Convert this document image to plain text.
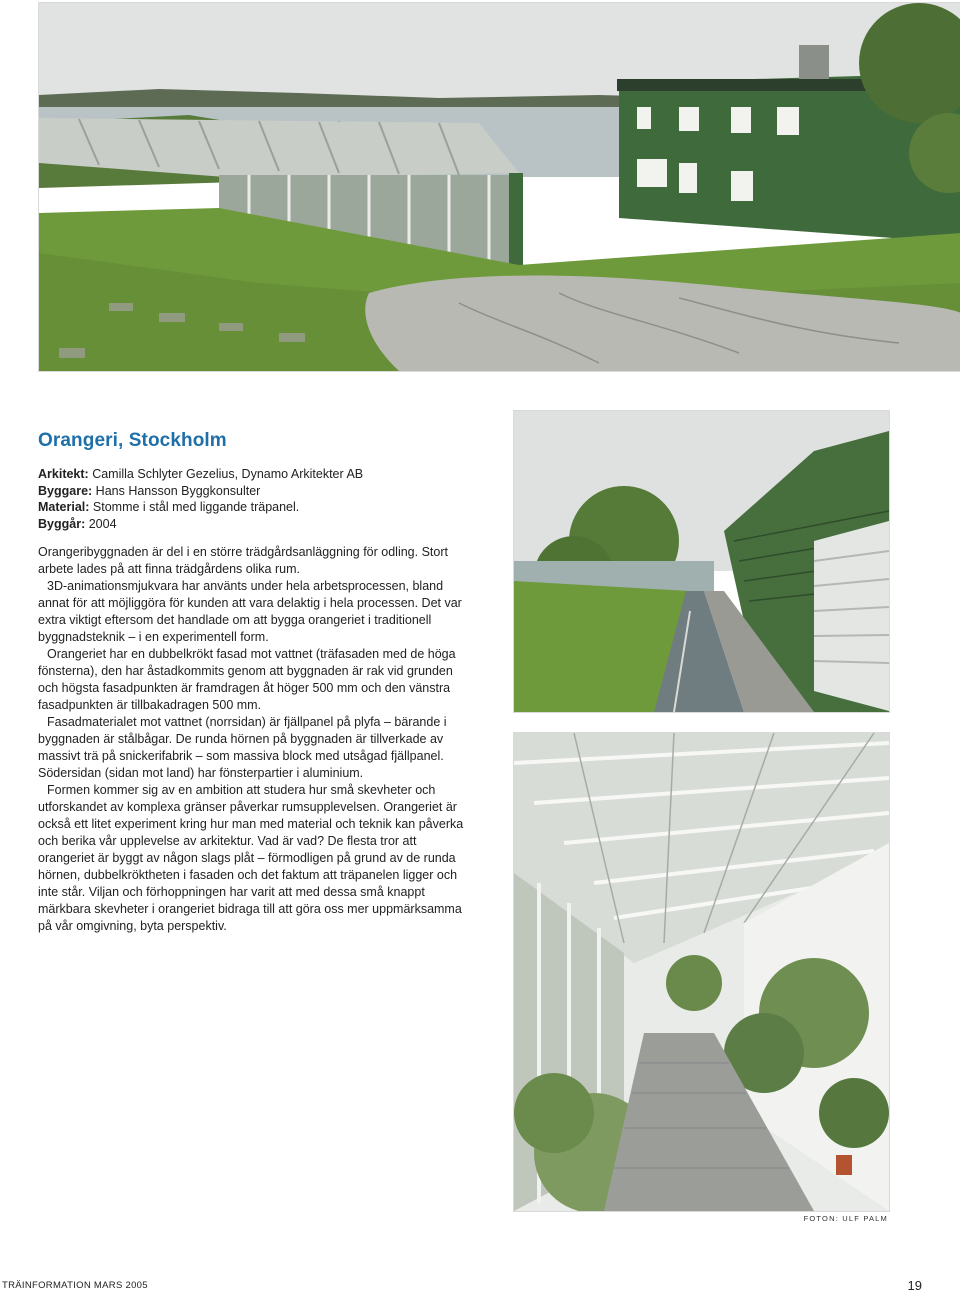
Orangeri, Stockholm

Arkitekt: Camilla Schlyter Gezelius, Dynamo Arkitekter AB

Byggare: Hans Hansson Byggkonsulter

Material: Stomme i stål med liggande träpanel.

Byggår: 2004

Orangeribyggnaden är del i en större trädgårdsanläggning för odling. Stort arbete lades på att finna trädgårdens olika rum.

3D-animationsmjukvara har använts under hela arbetsprocessen, bland annat för att möjliggöra för kunden att vara delaktig i hela processen. Det var extra viktigt eftersom det handlade om att bygga orangeriet i traditionell byggnadsteknik – i en experimentell form.

Orangeriet har en dubbelkrökt fasad mot vattnet (träfasaden med de höga fönsterna), den har åstadkommits genom att byggnaden är rak vid grunden och högsta fasadpunkten är framdragen åt höger 500 mm och den vänstra fasadpunkten är tillbakadragen 500 mm.

Fasadmaterialet mot vattnet (norrsidan) är fjällpanel på plyfa – bärande i byggnaden är stålbågar. De runda hörnen på byggnaden är tillverkade av massivt trä på snickerifabrik – som massiva block med utsågad fjällpanel. Södersidan (sidan mot land) har fönsterpartier i aluminium.

Formen kommer sig av en ambition att studera hur små skevheter och utforskandet av komplexa gränser påverkar rumsupplevelsen. Orangeriet är också ett litet experiment kring hur man med material och teknik kan påverka och berika vår upplevelse av arkitektur. Vad är vad? De flesta tror att orangeriet är byggt av någon slags plåt – förmodligen på grund av de runda hörnen, dubbelkröktheten i fasaden och det faktum att träpanelen ligger och inte står. Viljan och förhoppningen har varit att med dessa små knappt märkbara skevheter i orangeriet bidraga till att göra oss mer uppmärksamma på vår omgivning, byta perspektiv.

FOTON: ULF PALM
TRÄINFORMATION MARS 2005	19
